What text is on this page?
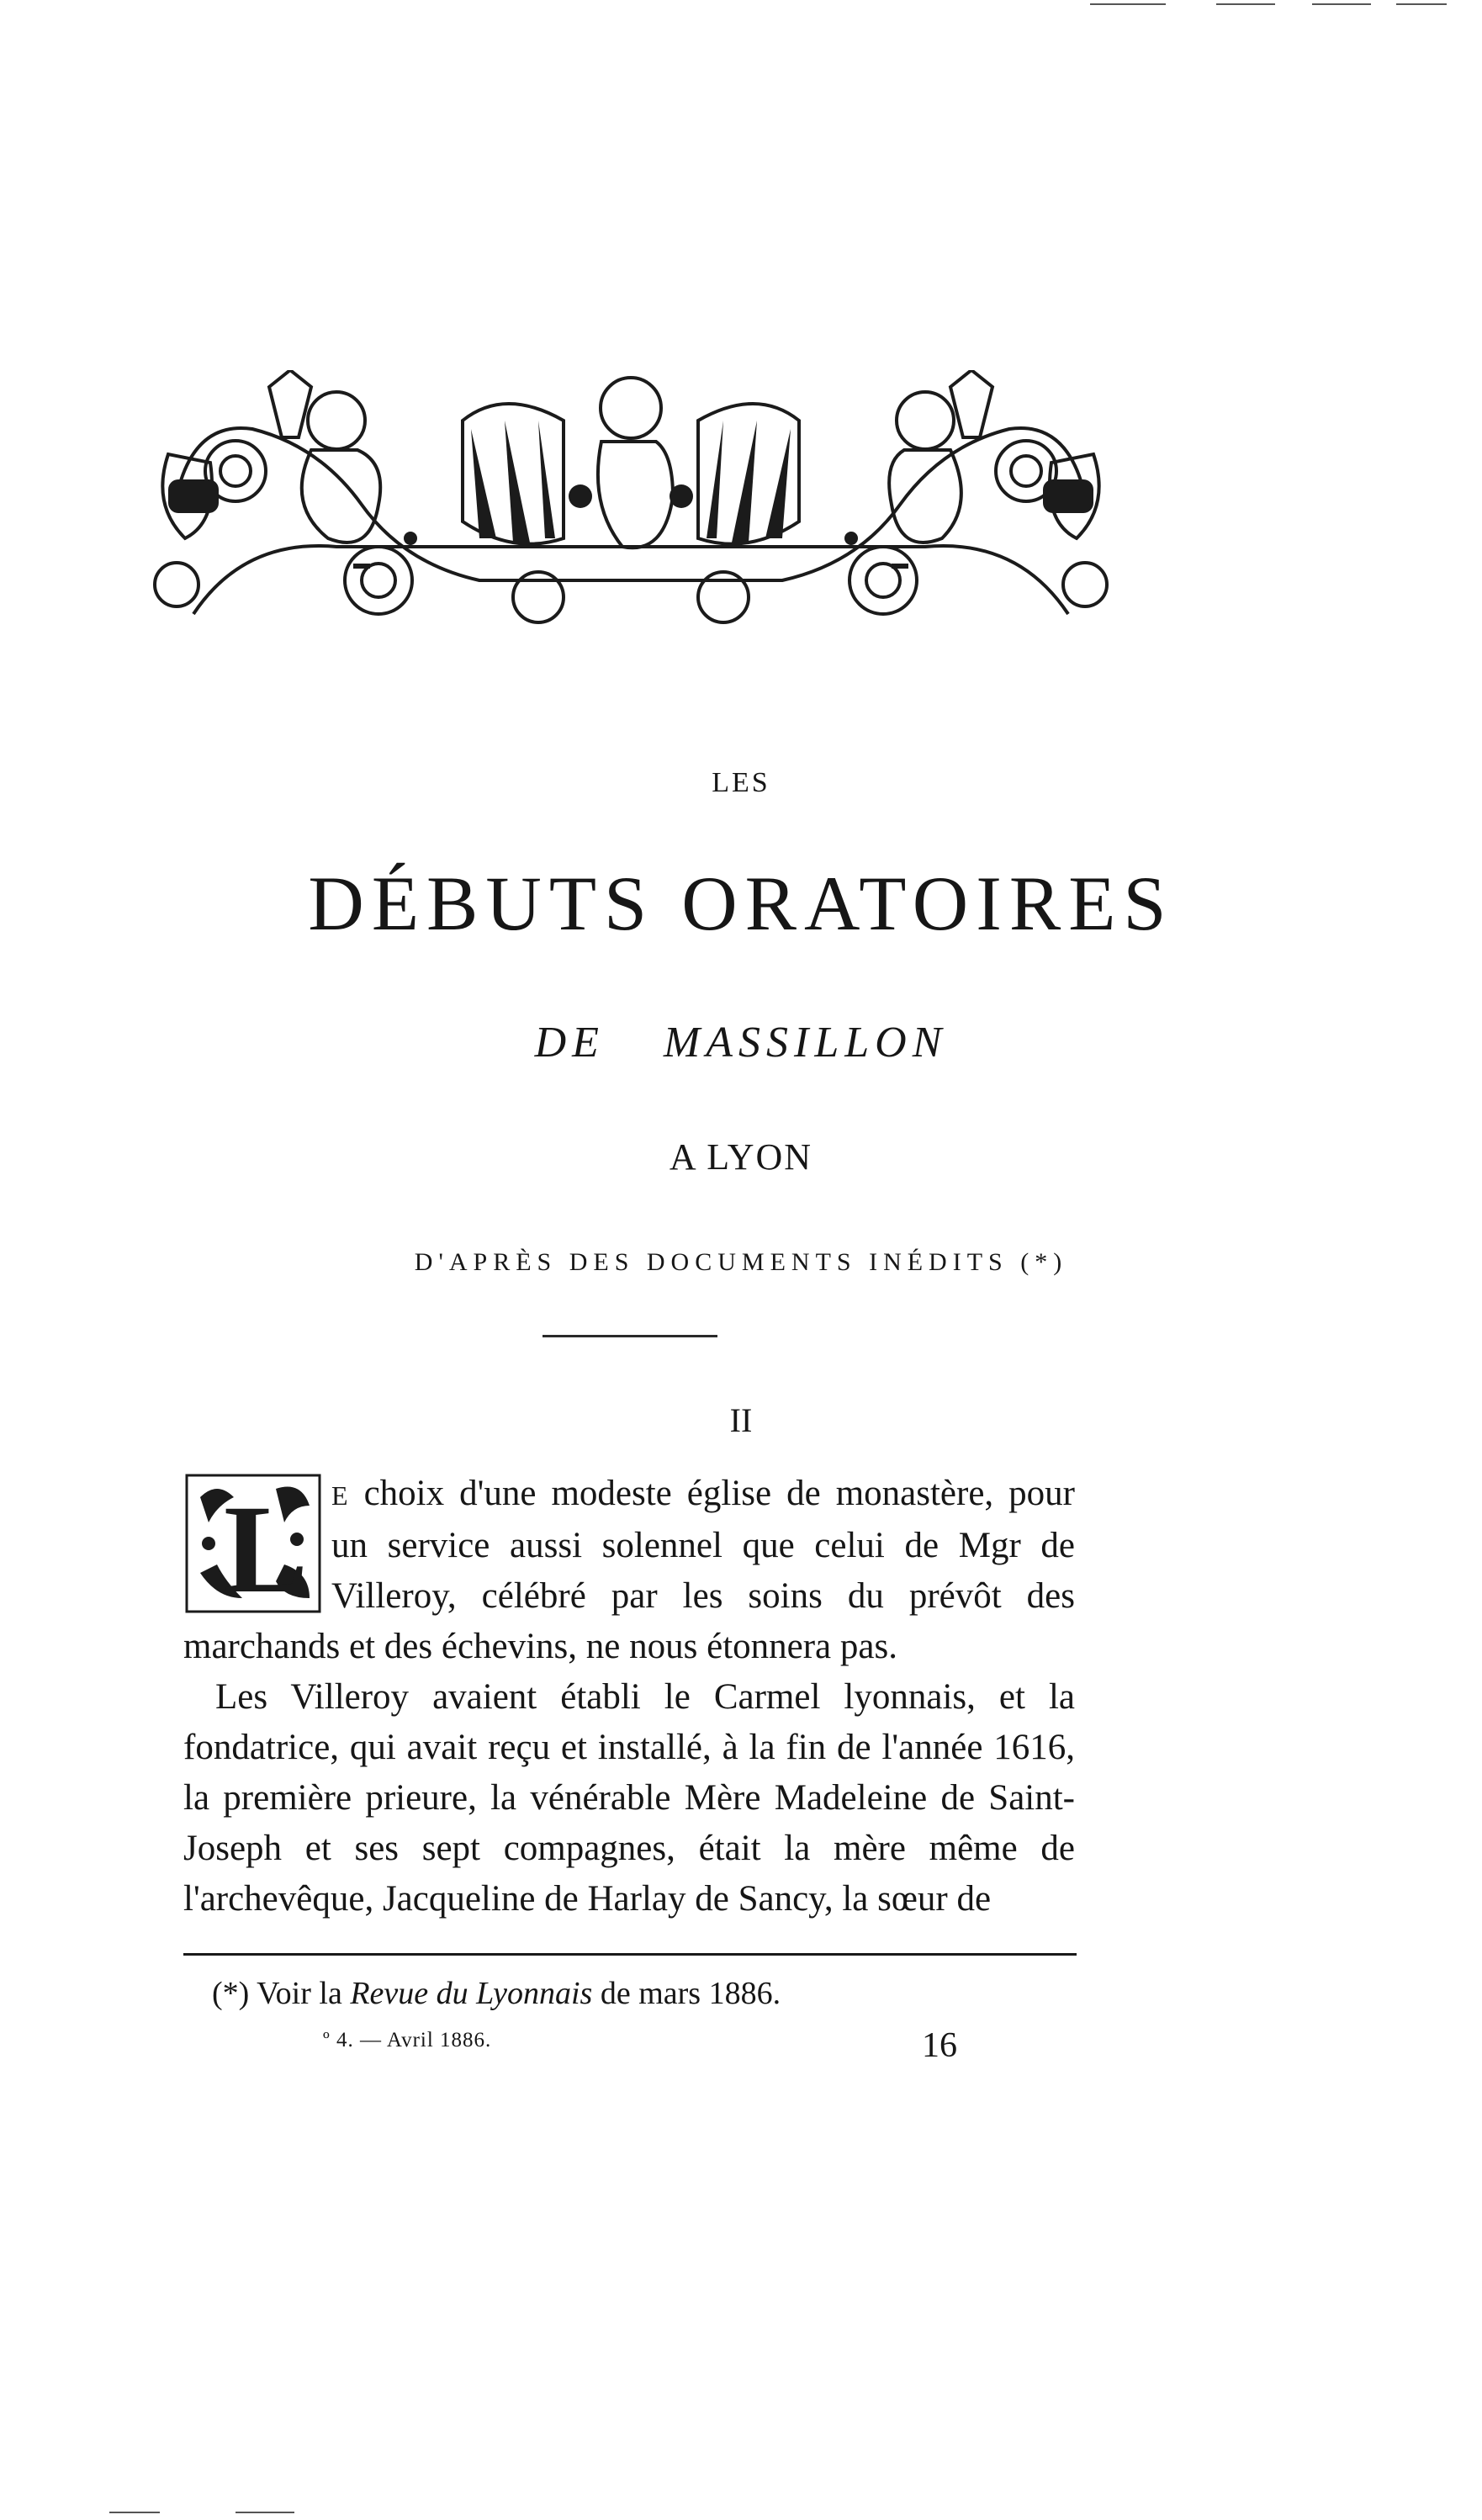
LES
DÉBUTS ORATOIRES
DE MASSILLON
A LYON
D'APRÈS DES DOCUMENTS INÉDITS (*)
II
L E choix d'une modeste église de monastère, pour un service aussi solennel que celui de Mgr de Villeroy, célébré par les soins du prévôt des marchands et des échevins, ne nous étonnera pas.

Les Villeroy avaient établi le Carmel lyonnais, et la fondatrice, qui avait reçu et installé, à la fin de l'année 1616, la première prieure, la vénérable Mère Madeleine de Saint-Joseph et ses sept compagnes, était la mère même de l'archevêque, Jacqueline de Harlay de Sancy, la sœur de

(*) Voir la Revue du Lyonnais de mars 1886.
º 4. — Avril 1886.	16
